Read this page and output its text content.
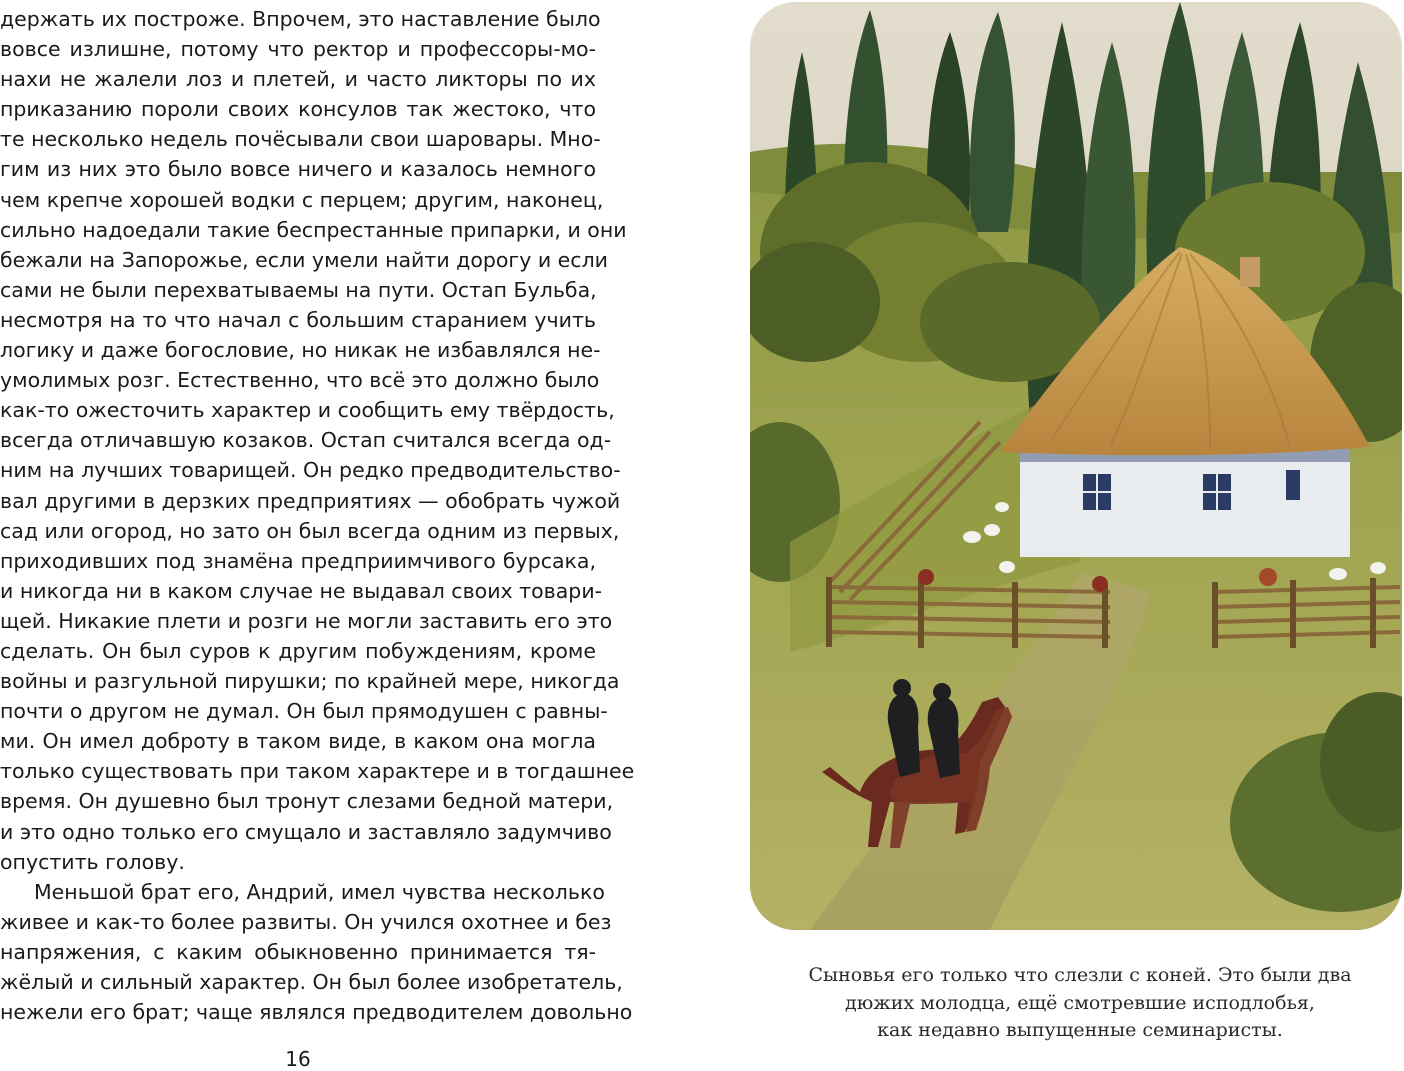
держать их построже. Впрочем, это наставление было
вовсе излишне, потому что ректор и профессоры-мо-
нахи не жалели лоз и плетей, и часто ликторы по их
приказанию пороли своих консулов так жестоко, что
те несколько недель почёсывали свои шаровары. Мно-
гим из них это было вовсе ничего и казалось немного
чем крепче хорошей водки с перцем; другим, наконец,
сильно надоедали такие беспрестанные припарки, и они
бежали на Запорожье, если умели найти дорогу и если
сами не были перехватываемы на пути. Остап Бульба,
несмотря на то что начал с большим старанием учить
логику и даже богословие, но никак не избавлялся не-
умолимых розг. Естественно, что всё это должно было
как-то ожесточить характер и сообщить ему твёрдость,
всегда отличавшую козаков. Остап считался всегда од-
ним на лучших товарищей. Он редко предводительство-
вал другими в дерзких предприятиях — обобрать чужой
сад или огород, но зато он был всегда одним из первых,
приходивших под знамёна предприимчивого бурсака,
и никогда ни в каком случае не выдавал своих товари-
щей. Никакие плети и розги не могли заставить его это
сделать. Он был суров к другим побуждениям, кроме
войны и разгульной пирушки; по крайней мере, никогда
почти о другом не думал. Он был прямодушен с равны-
ми. Он имел доброту в таком виде, в каком она могла
только существовать при таком характере и в тогдашнее
время. Он душевно был тронут слезами бедной матери,
и это одно только его смущало и заставляло задумчиво
опустить голову.
Меньшой брат его, Андрий, имел чувства несколько
живее и как-то более развиты. Он учился охотнее и без
напряжения, с каким обыкновенно принимается тя-
жёлый и сильный характер. Он был более изобретатель,
нежели его брат; чаще являлся предводителем довольно
16
Сыновья его только что слезли с коней. Это были два
дюжих молодца, ещё смотревшие исподлобья,
как недавно выпущенные семинаристы.
